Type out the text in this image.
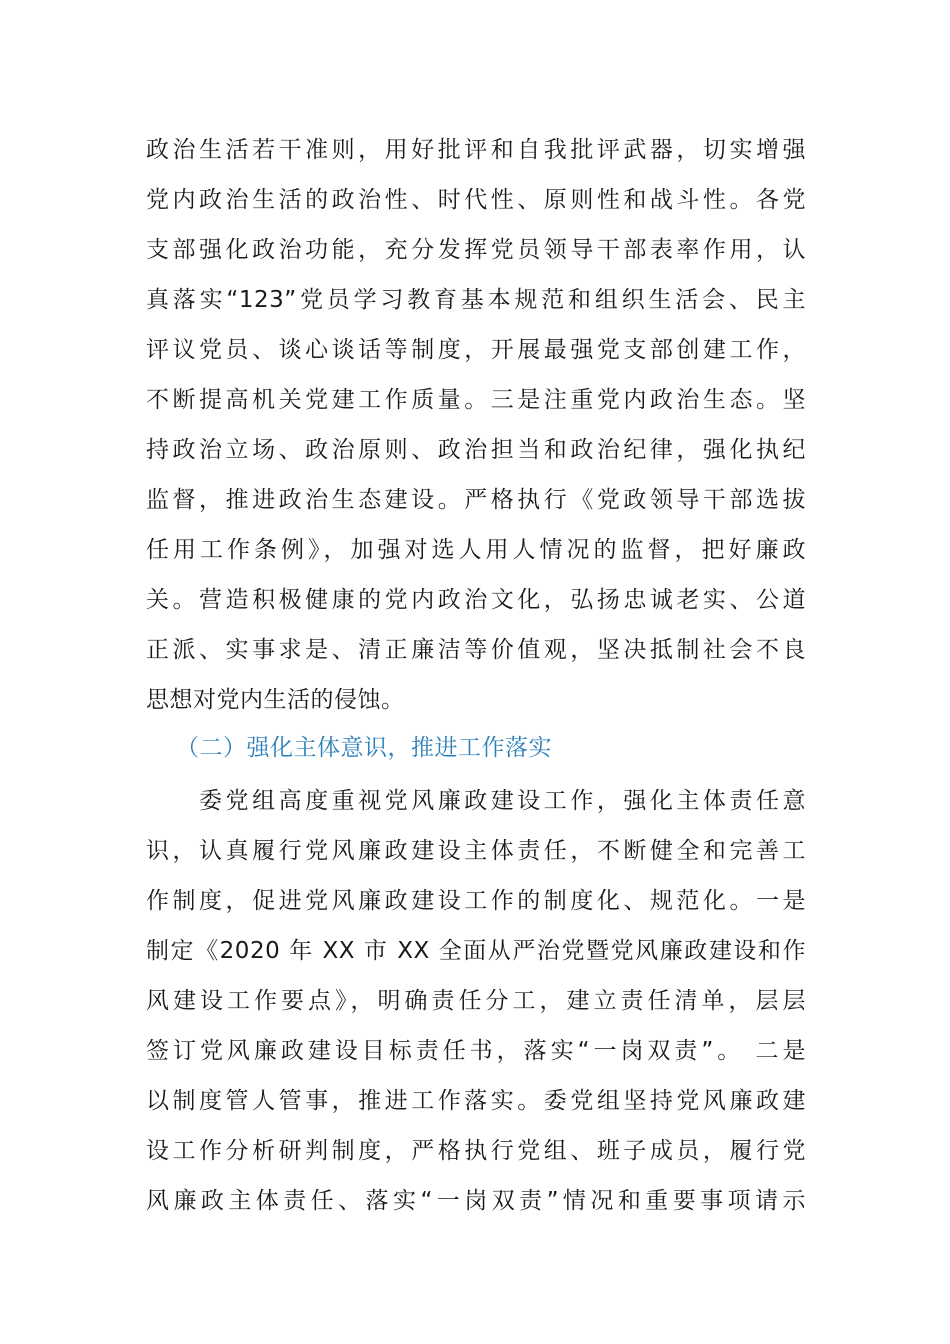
政治生活若干准则，用好批评和自我批评武器，切实增强
党内政治生活的政治性、时代性、原则性和战斗性。各党
支部强化政治功能，充分发挥党员领导干部表率作用，认
真落实“123”党员学习教育基本规范和组织生活会、民主
评议党员、谈心谈话等制度，开展最强党支部创建工作，
不断提高机关党建工作质量。三是注重党内政治生态。坚
持政治立场、政治原则、政治担当和政治纪律，强化执纪
监督，推进政治生态建设。严格执行《党政领导干部选拔
任用工作条例》，加强对选人用人情况的监督，把好廉政
关。营造积极健康的党内政治文化，弘扬忠诚老实、公道
正派、实事求是、清正廉洁等价值观，坚决抵制社会不良
思想对党内生活的侵蚀。
（二）强化主体意识，推进工作落实
　　委党组高度重视党风廉政建设工作，强化主体责任意
识，认真履行党风廉政建设主体责任，不断健全和完善工
作制度，促进党风廉政建设工作的制度化、规范化。一是
制定《2020 年 XX 市 XX 全面从严治党暨党风廉政建设和作
风建设工作要点》，明确责任分工，建立责任清单，层层
签订党风廉政建设目标责任书，落实“一岗双责”。 二是
以制度管人管事，推进工作落实。委党组坚持党风廉政建
设工作分析研判制度，严格执行党组、班子成员，履行党
风廉政主体责任、落实“一岗双责”情况和重要事项请示
